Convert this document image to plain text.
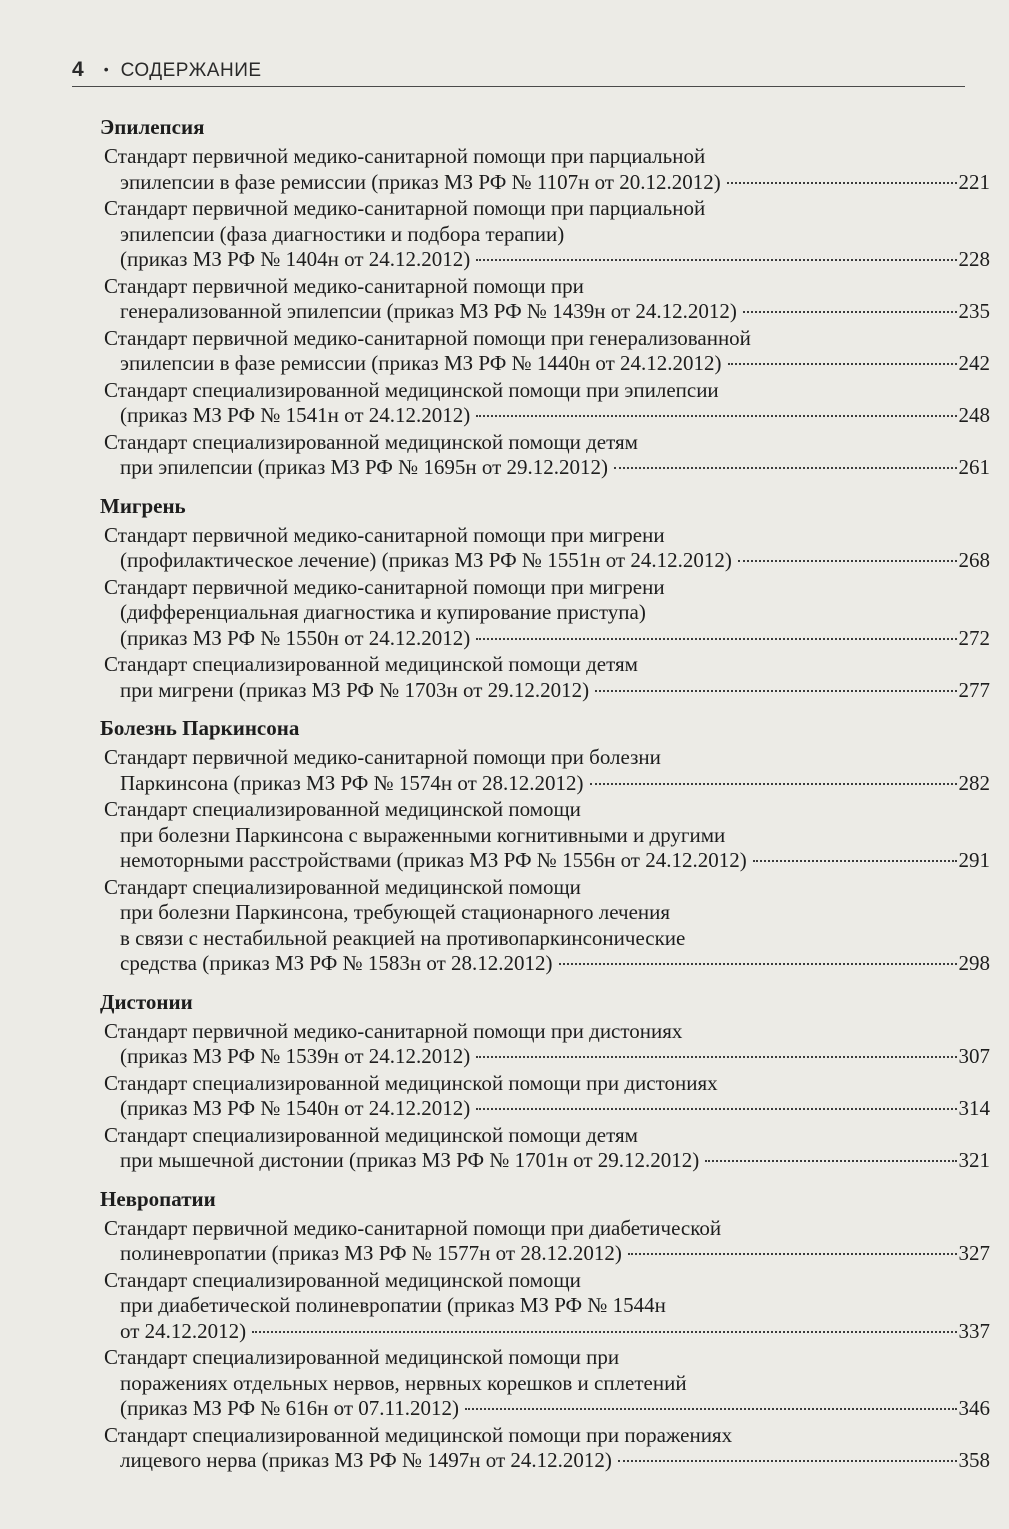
4 • СОДЕРЖАНИЕ
Эпилепсия
Стандарт первичной медико-санитарной помощи при парциальной
эпилепсии в фазе ремиссии (приказ МЗ РФ № 1107н от 20.12.2012)	221
Стандарт первичной медико-санитарной помощи при парциальной
эпилепсии (фаза диагностики и подбора терапии)
(приказ МЗ РФ № 1404н от 24.12.2012)	228
Стандарт первичной медико-санитарной помощи при
генерализованной эпилепсии (приказ МЗ РФ № 1439н от 24.12.2012)	235
Стандарт первичной медико-санитарной помощи при генерализованной
эпилепсии в фазе ремиссии (приказ МЗ РФ № 1440н от 24.12.2012)	242
Стандарт специализированной медицинской помощи при эпилепсии
(приказ МЗ РФ № 1541н от 24.12.2012)	248
Стандарт специализированной медицинской помощи детям
при эпилепсии (приказ МЗ РФ № 1695н от 29.12.2012)	261
Мигрень
Стандарт первичной медико-санитарной помощи при мигрени
(профилактическое лечение) (приказ МЗ РФ № 1551н от 24.12.2012)	268
Стандарт первичной медико-санитарной помощи при мигрени
(дифференциальная диагностика и купирование приступа)
(приказ МЗ РФ № 1550н от 24.12.2012)	272
Стандарт специализированной медицинской помощи детям
при мигрени (приказ МЗ РФ № 1703н от 29.12.2012)	277
Болезнь Паркинсона
Стандарт первичной медико-санитарной помощи при болезни
Паркинсона (приказ МЗ РФ № 1574н от 28.12.2012)	282
Стандарт специализированной медицинской помощи
при болезни Паркинсона с выраженными когнитивными и другими
немоторными расстройствами (приказ МЗ РФ № 1556н от 24.12.2012)	291
Стандарт специализированной медицинской помощи
при болезни Паркинсона, требующей стационарного лечения
в связи с нестабильной реакцией на противопаркинсонические
средства (приказ МЗ РФ № 1583н от 28.12.2012)	298
Дистонии
Стандарт первичной медико-санитарной помощи при дистониях
(приказ МЗ РФ № 1539н от 24.12.2012)	307
Стандарт специализированной медицинской помощи при дистониях
(приказ МЗ РФ № 1540н от 24.12.2012)	314
Стандарт специализированной медицинской помощи детям
при мышечной дистонии (приказ МЗ РФ № 1701н от 29.12.2012)	321
Невропатии
Стандарт первичной медико-санитарной помощи при диабетической
полиневропатии (приказ МЗ РФ № 1577н от 28.12.2012)	327
Стандарт специализированной медицинской помощи
при диабетической полиневропатии (приказ МЗ РФ № 1544н
от 24.12.2012)	337
Стандарт специализированной медицинской помощи при
поражениях отдельных нервов, нервных корешков и сплетений
(приказ МЗ РФ № 616н от 07.11.2012)	346
Стандарт специализированной медицинской помощи при поражениях
лицевого нерва (приказ МЗ РФ № 1497н от 24.12.2012)	358
